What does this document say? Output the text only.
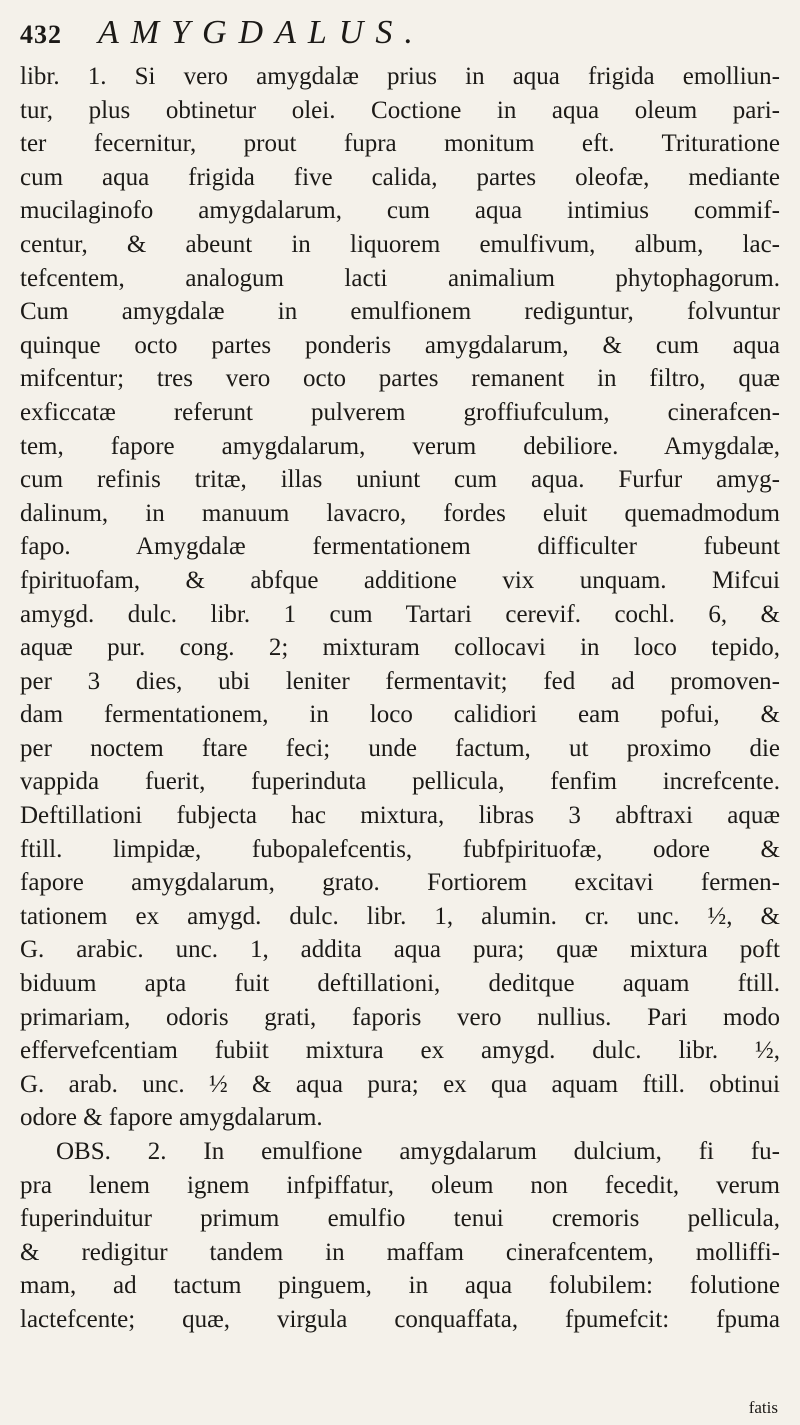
432	AMYGDALUS.
libr. 1. Si vero amygdalæ prius in aqua frigida emolliun-
tur, plus obtinetur olei. Coctione in aqua oleum pari-
ter fecernitur, prout fupra monitum eft. Trituratione
cum aqua frigida five calida, partes oleofæ, mediante
mucilaginofo amygdalarum, cum aqua intimius commif-
centur, & abeunt in liquorem emulfivum, album, lac-
tefcentem, analogum lacti animalium phytophagorum.
Cum amygdalæ in emulfionem rediguntur, folvuntur
quinque octo partes ponderis amygdalarum, & cum aqua
mifcentur; tres vero octo partes remanent in filtro, quæ
exficcatæ referunt pulverem groffiufculum, cinerafcen-
tem, fapore amygdalarum, verum debiliore. Amygdalæ,
cum refinis tritæ, illas uniunt cum aqua. Furfur amyg-
dalinum, in manuum lavacro, fordes eluit quemadmodum
fapo. Amygdalæ fermentationem difficulter fubeunt
fpirituofam, & abfque additione vix unquam. Mifcui
amygd. dulc. libr. 1 cum Tartari cerevif. cochl. 6, &
aquæ pur. cong. 2; mixturam collocavi in loco tepido,
per 3 dies, ubi leniter fermentavit; fed ad promoven-
dam fermentationem, in loco calidiori eam pofui, &
per noctem ftare feci; unde factum, ut proximo die
vappida fuerit, fuperinduta pellicula, fenfim increfcente.
Deftillationi fubjecta hac mixtura, libras 3 abftraxi aquæ
ftill. limpidæ, fubopalefcentis, fubfpirituofæ, odore &
fapore amygdalarum, grato. Fortiorem excitavi fermen-
tationem ex amygd. dulc. libr. 1, alumin. cr. unc. ½, &
G. arabic. unc. 1, addita aqua pura; quæ mixtura poft
biduum apta fuit deftillationi, deditque aquam ftill.
primariam, odoris grati, faporis vero nullius. Pari modo
effervefcentiam fubiit mixtura ex amygd. dulc. libr. ½,
G. arab. unc. ½ & aqua pura; ex qua aquam ftill. obtinui
odore & fapore amygdalarum.
OBS. 2. In emulfione amygdalarum dulcium, fi fu-
pra lenem ignem infpiffatur, oleum non fecedit, verum
fuperinduitur primum emulfio tenui cremoris pellicula,
& redigitur tandem in maffam cinerafcentem, molliffi-
mam, ad tactum pinguem, in aqua folubilem: folutione
lactefcente; quæ, virgula conquaffata, fpumefcit: fpuma
fatis
